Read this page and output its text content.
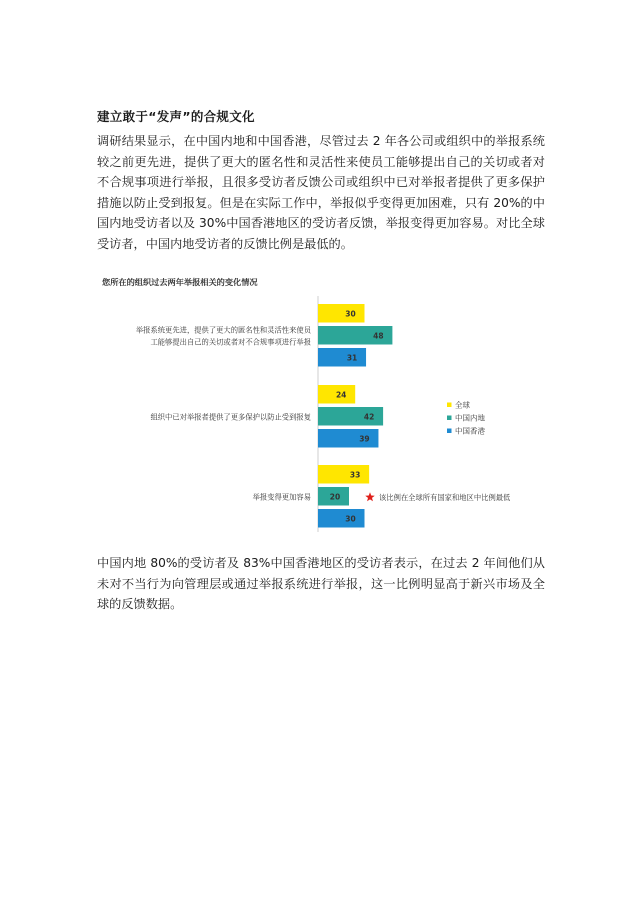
建立敢于“发声”的合规文化

调研结果显示，在中国内地和中国香港，尽管过去 2 年各公司或组织中的举报系统较之前更先进，提供了更大的匿名性和灵活性来使员工能够提出自己的关切或者对不合规事项进行举报，且很多受访者反馈公司或组织中已对举报者提供了更多保护措施以防止受到报复。但是在实际工作中，举报似乎变得更加困难，只有 20%的中国内地受访者以及 30%中国香港地区的受访者反馈，举报变得更加容易。对比全球受访者，中国内地受访者的反馈比例是最低的。

您所在的组织过去两年举报相关的变化情况
30
48
31
举报系统更先进，提供了更大的匿名性和灵活性来使员
工能够提出自己的关切或者对不合规事项进行举报
24
42
39
组织中已对举报者提供了更多保护以防止受到报复
33
20
30
举报变得更加容易
全球
中国内地
中国香港
该比例在全球所有国家和地区中比例最低

中国内地 80%的受访者及 83%中国香港地区的受访者表示，在过去 2 年间他们从未对不当行为向管理层或通过举报系统进行举报，这一比例明显高于新兴市场及全球的反馈数据。
